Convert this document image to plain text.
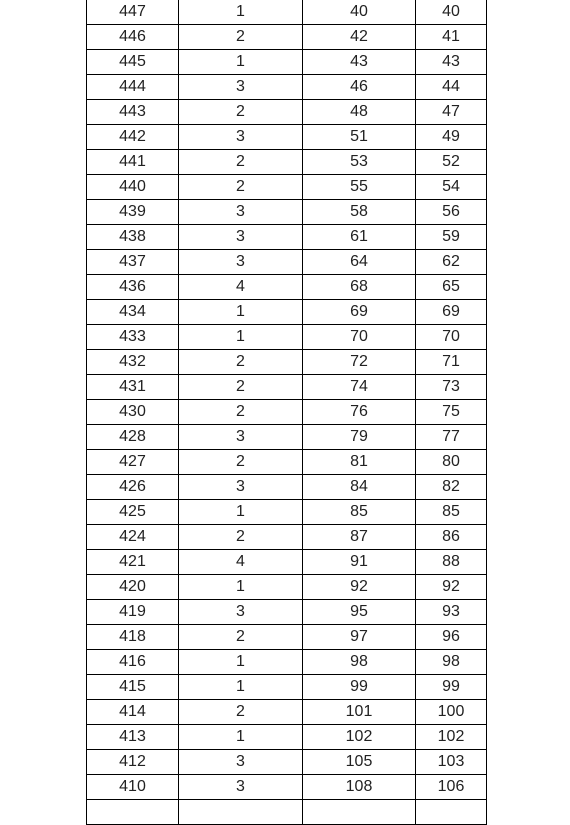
447	1	40	40
446	2	42	41
445	1	43	43
444	3	46	44
443	2	48	47
442	3	51	49
441	2	53	52
440	2	55	54
439	3	58	56
438	3	61	59
437	3	64	62
436	4	68	65
434	1	69	69
433	1	70	70
432	2	72	71
431	2	74	73
430	2	76	75
428	3	79	77
427	2	81	80
426	3	84	82
425	1	85	85
424	2	87	86
421	4	91	88
420	1	92	92
419	3	95	93
418	2	97	96
416	1	98	98
415	1	99	99
414	2	101	100
413	1	102	102
412	3	105	103
410	3	108	106
